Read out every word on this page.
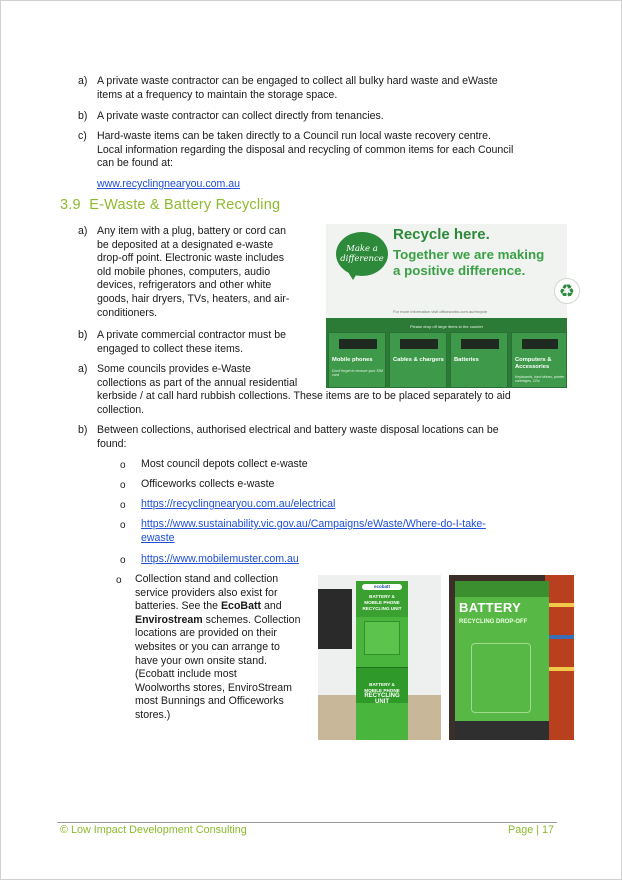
a) A private waste contractor can be engaged to collect all bulky hard waste and eWaste
items at a frequency to maintain the storage space.
b) A private waste contractor can collect directly from tenancies.
c) Hard-waste items can be taken directly to a Council run local waste recovery centre.
Local information regarding the disposal and recycling of common items for each Council
can be found at:
www.recyclingnearyou.com.au
3.9 E-Waste & Battery Recycling
a) Any item with a plug, battery or cord can
be deposited at a designated e-waste
drop-off point. Electronic waste includes
old mobile phones, computers, audio
devices, refrigerators and other white
goods, hair dryers, TVs, heaters, and air-
conditioners.
b) A private commercial contractor must be
engaged to collect these items.
a) Some councils provides e-Waste
collections as part of the annual residential
kerbside / at call hard rubbish collections. These items are to be placed separately to aid
collection.
b) Between collections, authorised electrical and battery waste disposal locations can be
found:
o Most council depots collect e-waste
o Officeworks collects e-waste
o https://recyclingnearyou.com.au/electrical
o https://www.sustainability.vic.gov.au/Campaigns/eWaste/Where-do-I-take-
ewaste
o https://www.mobilemuster.com.au
o Collection stand and collection
service providers also exist for
batteries. See the EcoBatt and
Envirostream schemes. Collection
locations are provided on their
websites or you can arrange to
have your own onsite stand.
(Ecobatt include most
Woolworths stores, EnviroStream
most Bunnings and Officeworks
stores.)
Make a
difference
Recycle here.
Together we are making
a positive difference.
For more information visit officeworks.com.au/recycle
♻
Please drop off large items to the counter
Mobile phones
Don't forget to remove your SIM card
Cables & chargers Batteries	Computers & Accessories
Keyboards, hard drives, printer cartridges, CDs
ecobatt
BATTERY &
MOBILE PHONE
RECYCLING UNIT
BATTERY &
MOBILE PHONE
RECYCLING
UNIT
BATTERY
RECYCLING DROP-OFF
© Low Impact Development Consulting	Page | 17
